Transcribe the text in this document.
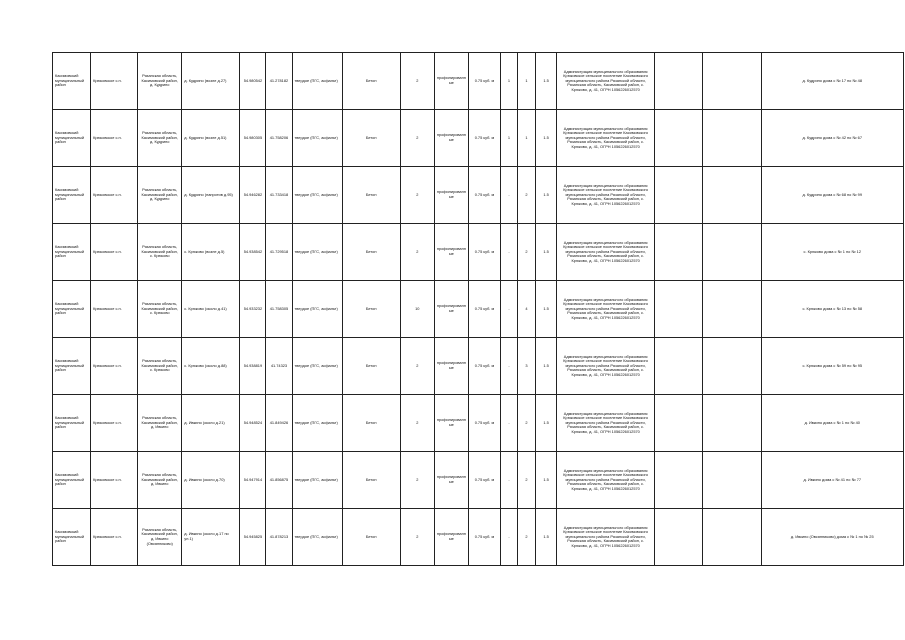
Касимовский муниципальный район	Крюковское с.п.	Рязанская область, Касимовский район, д. Кудрино	д. Кудрино (возле д.27)	54.980542	41.278182	твердое (ПГС, асфальт)	Бетон	2	профилированные	0.75 куб. м	1	1	1.5	Администрация муниципального образования Крюковское сельское поселение Касимовского муниципального района Рязанской области, Рязанская область, Касимовский район, с. Крюково, д. 41, ОГРН 1056226012570			д. Кудрино дома с № 17 по № 48
Касимовский муниципальный район	Крюковское с.п.	Рязанская область, Касимовский район, д. Кудрино	д. Кудрино (возле д.51)	54.980305	41.758206	твердое (ПГС, асфальт)	Бетон	2	профилированные	0.75 куб. м	1	1	1.5	Администрация муниципального образования Крюковское сельское поселение Касимовского муниципального района Рязанской области, Рязанская область, Касимовский район, с. Крюково, д. 41, ОГРН 1056226012570			д. Кудрино дома с № 42 по № 67
Касимовский муниципальный район	Крюковское с.п.	Рязанская область, Касимовский район, д. Кудрино	д. Кудрино (напротив д.95)	54.946282	41.733418	твердое (ПГС, асфальт)	Бетон	2	профилированные	0.75 куб. м	-	2	1.5	Администрация муниципального образования Крюковское сельское поселение Касимовского муниципального района Рязанской области, Рязанская область, Касимовский район, с. Крюково, д. 41, ОГРН 1056226012570			д. Кудрино дома с № 68 по № 99
Касимовский муниципальный район	Крюковское с.п.	Рязанская область, Касимовский район, с. Крюково	с. Крюково (возле д.5)	54.938542	41.729518	твердое (ПГС, асфальт)	Бетон	2	профилированные	0.75 куб. м	-	2	1.5	Администрация муниципального образования Крюковское сельское поселение Касимовского муниципального района Рязанской области, Рязанская область, Касимовский район, с. Крюково, д. 41, ОГРН 1056226012570			с. Крюково дома с № 1 по № 12
Касимовский муниципальный район	Крюковское с.п.	Рязанская область, Касимовский район, с. Крюково	с. Крюково (около д.41)	54.933232	41.758305	твердое (ПГС, асфальт)	Бетон	10	профилированные	0.75 куб. м	-	4	1.5	Администрация муниципального образования Крюковское сельское поселение Касимовского муниципального района Рязанской области, Рязанская область, Касимовский район, с. Крюково, д. 41, ОГРН 1056226012570			с. Крюково дома с № 13 по № 58
Касимовский муниципальный район	Крюковское с.п.	Рязанская область, Касимовский район, с. Крюково	с. Крюково (около д.88)	54.938819	41.74323	твердое (ПГС, асфальт)	Бетон	2	профилированные	0.75 куб. м	-	3	1.5	Администрация муниципального образования Крюковское сельское поселение Касимовского муниципального района Рязанской области, Рязанская область, Касимовский район, с. Крюково, д. 41, ОГРН 1056226012570			с. Крюково дома с № 59 по № 95
Касимовский муниципальный район	Крюковское с.п.	Рязанская область, Касимовский район, д. Ивкино	д. Ивкино (около д.21)	54.948524	41.849426	твердое (ПГС, асфальт)	Бетон	2	профилированные	0.75 куб. м	-	2	1.5	Администрация муниципального образования Крюковское сельское поселение Касимовского муниципального района Рязанской области, Рязанская область, Касимовский район, с. Крюково, д. 41, ОГРН 1056226012570			д. Ивкино дома с № 1 по № 40
Касимовский муниципальный район	Крюковское с.п.	Рязанская область, Касимовский район, д. Ивкино	д. Ивкино (около д.70)	54.947914	41.856875	твердое (ПГС, асфальт)	Бетон	2	профилированные	0.75 куб. м	-	2	1.5	Администрация муниципального образования Крюковское сельское поселение Касимовского муниципального района Рязанской области, Рязанская область, Касимовский район, с. Крюково, д. 41, ОГРН 1056226012570			д. Ивкино дома с № 41 по № 77
Касимовский муниципальный район	Крюковское с.п.	Рязанская область, Касимовский район, д. Ивкино (Овсянниково)	д. Ивкино (около д.17 по ул.1)	54.945825	41.878213	твердое (ПГС, асфальт)	Бетон	2	профилированные	0.75 куб. м	-	2	1.5	Администрация муниципального образования Крюковское сельское поселение Касимовского муниципального района Рязанской области, Рязанская область, Касимовский район, с. Крюково, д. 41, ОГРН 1056226012570			д. Ивкино (Овсянниково) дома с № 1 по № 25
